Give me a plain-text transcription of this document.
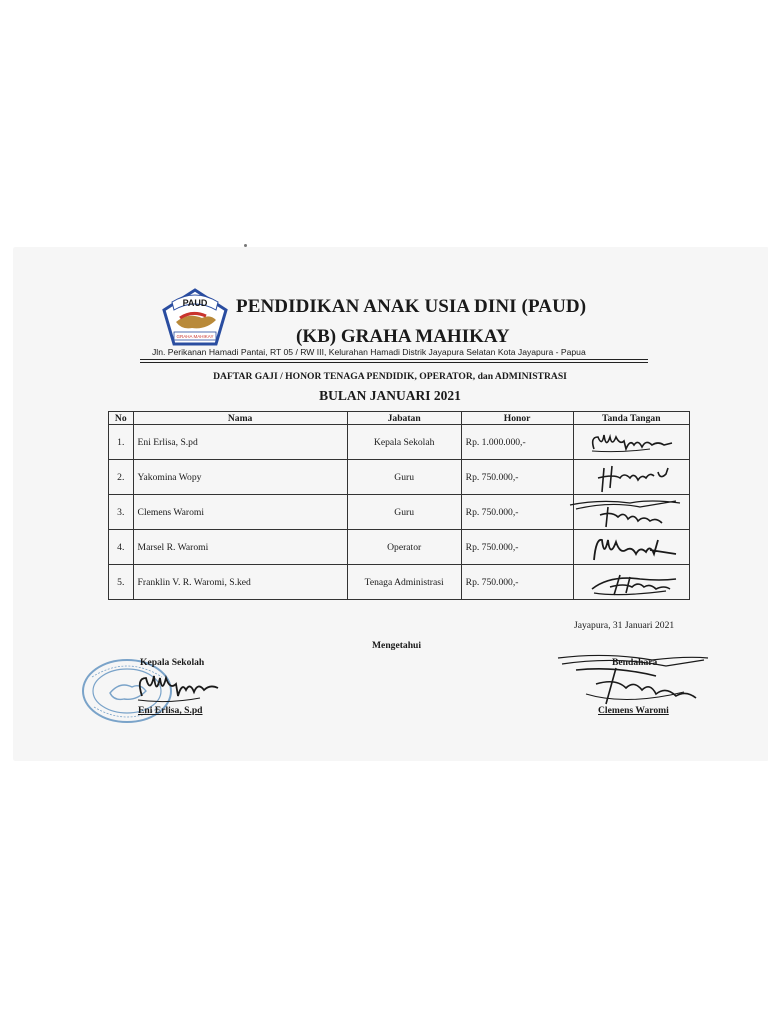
PAUD
GRAHA MAHIKAY
PENDIDIKAN ANAK USIA DINI (PAUD)
(KB) GRAHA MAHIKAY
Jln. Perikanan Hamadi Pantai, RT 05 / RW III, Kelurahan Hamadi Distrik Jayapura Selatan Kota Jayapura - Papua
DAFTAR GAJI / HONOR TENAGA PENDIDIK, OPERATOR, dan ADMINISTRASI
BULAN JANUARI 2021
No	Nama	Jabatan	Honor	Tanda Tangan
1.	Eni Erlisa, S.pd	Kepala Sekolah	Rp. 1.000.000,-	

2.	Yakomina Wopy	Guru	Rp. 750.000,-	

3.	Clemens Waromi	Guru	Rp. 750.000,-	

4.	Marsel R. Waromi	Operator	Rp. 750.000,-	

5.	Franklin V. R. Waromi, S.ked	Tenaga Administrasi	Rp. 750.000,-	
Jayapura, 31 Januari 2021
Mengetahui
Kepala Sekolah
Eni Erlisa, S.pd
Bendahara
Clemens Waromi
